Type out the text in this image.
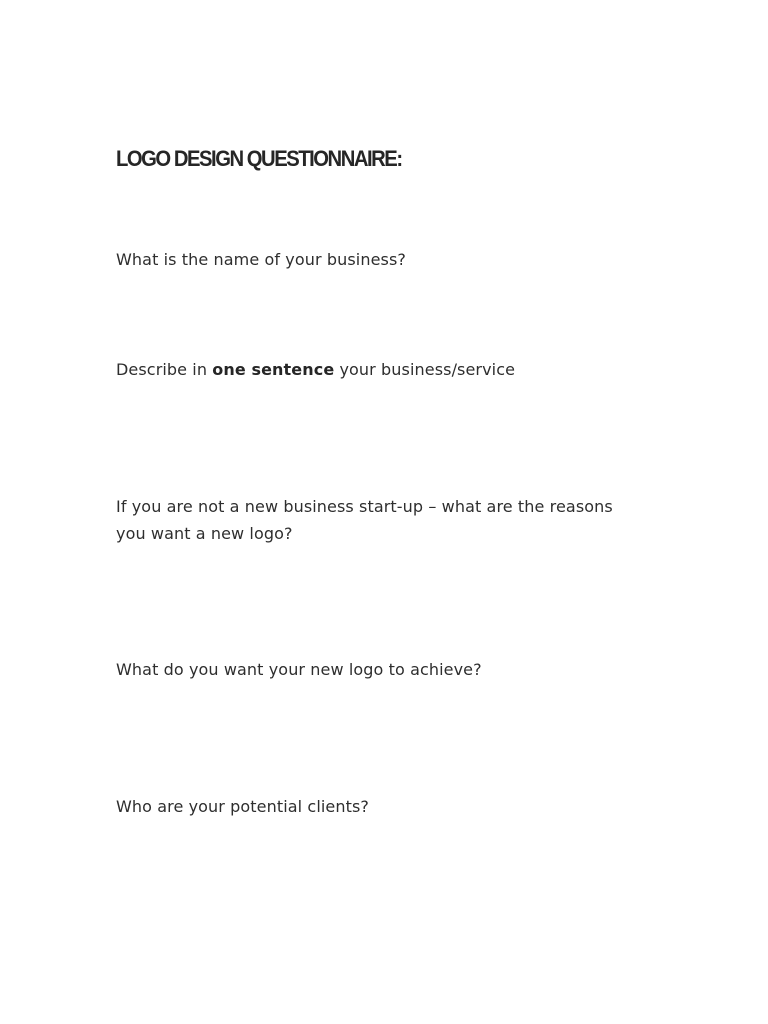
LOGO DESIGN QUESTIONNAIRE:

What is the name of your business?

Describe in one sentence your business/service

If you are not a new business start-up – what are the reasons you want a new logo?

What do you want your new logo to achieve?

Who are your potential clients?
